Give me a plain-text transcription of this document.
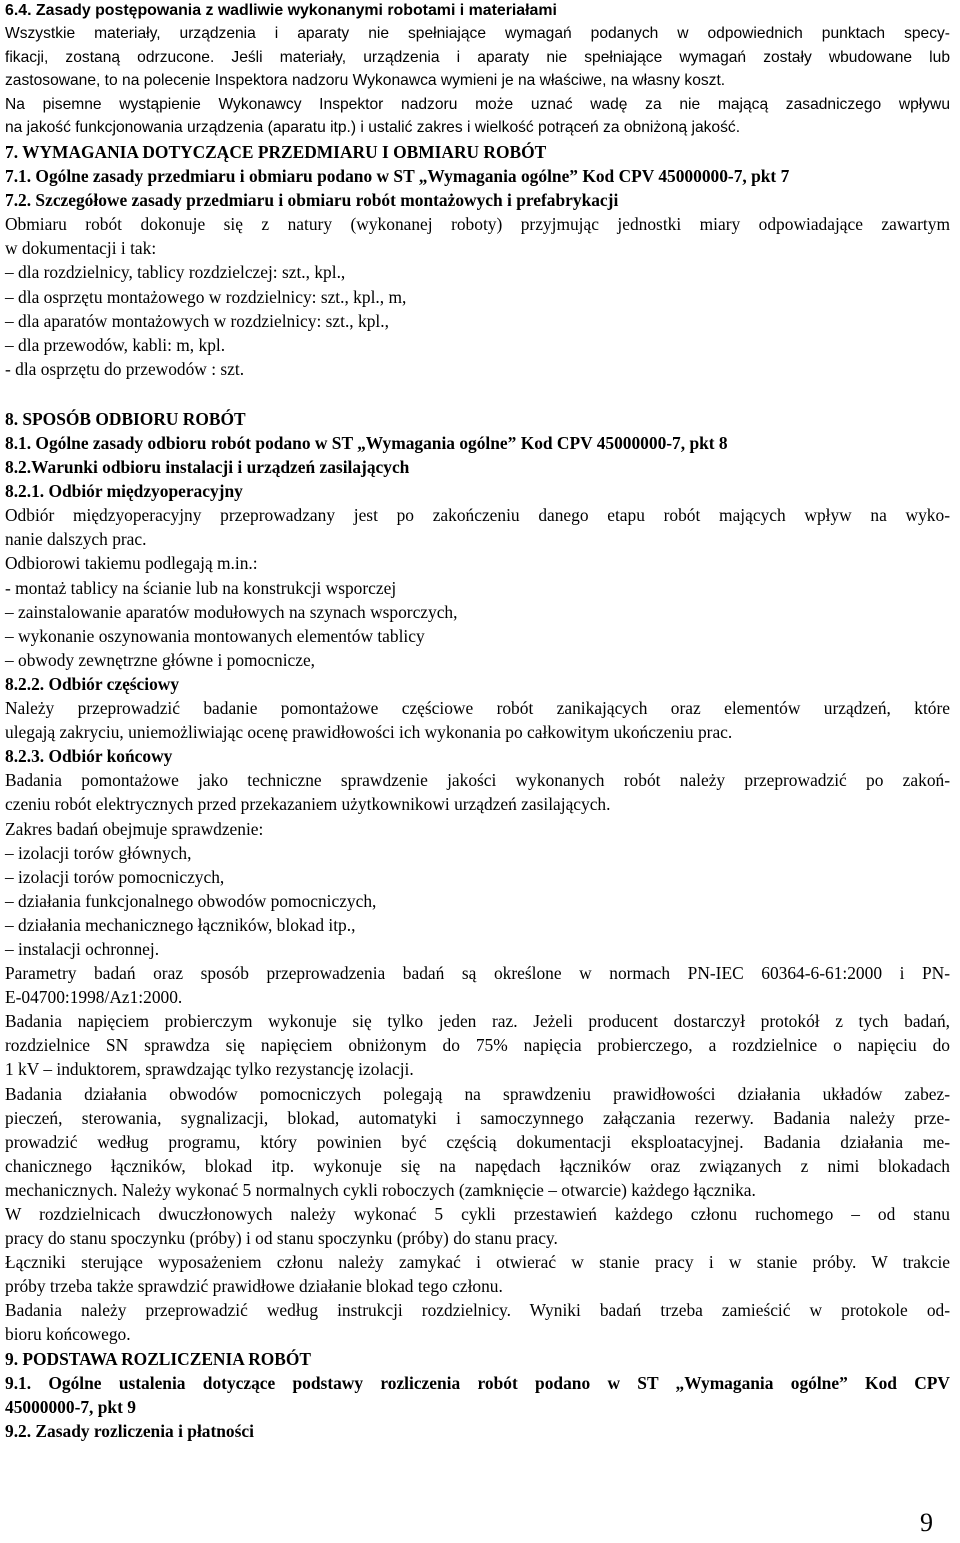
6.4. Zasady postępowania z wadliwie wykonanymi robotami i materiałami

Wszystkie materiały, urządzenia i aparaty nie spełniające wymagań podanych w odpowiednich punktach specy-

fikacji, zostaną odrzucone. Jeśli materiały, urządzenia i aparaty nie spełniające wymagań zostały wbudowane lub

zastosowane, to na polecenie Inspektora nadzoru Wykonawca wymieni je na właściwe, na własny koszt.

Na pisemne wystąpienie Wykonawcy Inspektor nadzoru może uznać wadę za nie mającą zasadniczego wpływu

na jakość funkcjonowania urządzenia (aparatu itp.) i ustalić zakres i wielkość potrąceń za obniżoną jakość.

7. WYMAGANIA DOTYCZĄCE PRZEDMIARU I OBMIARU ROBÓT

7.1. Ogólne zasady przedmiaru i obmiaru podano w ST „Wymagania ogólne” Kod CPV 45000000-7, pkt 7

7.2. Szczegółowe zasady przedmiaru i obmiaru robót montażowych i prefabrykacji

Obmiaru robót dokonuje się z natury (wykonanej roboty) przyjmując jednostki miary odpowiadające zawartym

w dokumentacji i tak:

– dla rozdzielnicy, tablicy rozdzielczej: szt., kpl.,

– dla osprzętu montażowego w rozdzielnicy: szt., kpl., m,

– dla aparatów montażowych w rozdzielnicy: szt., kpl.,

– dla przewodów, kabli: m, kpl.

- dla osprzętu do przewodów : szt.

8. SPOSÓB ODBIORU ROBÓT

8.1. Ogólne zasady odbioru robót podano w ST „Wymagania ogólne” Kod CPV 45000000-7, pkt 8

8.2.Warunki odbioru instalacji i urządzeń zasilających

8.2.1. Odbiór międzyoperacyjny

Odbiór międzyoperacyjny przeprowadzany jest po zakończeniu danego etapu robót mających wpływ na wyko-

nanie dalszych prac.

Odbiorowi takiemu podlegają m.in.:

- montaż tablicy na ścianie lub na konstrukcji wsporczej

– zainstalowanie aparatów modułowych na szynach wsporczych,

– wykonanie oszynowania montowanych elementów tablicy

– obwody zewnętrzne główne i pomocnicze,

8.2.2. Odbiór częściowy

Należy przeprowadzić badanie pomontażowe częściowe robót zanikających oraz elementów urządzeń, które

ulegają zakryciu, uniemożliwiając ocenę prawidłowości ich wykonania po całkowitym ukończeniu prac.

8.2.3. Odbiór końcowy

Badania pomontażowe jako techniczne sprawdzenie jakości wykonanych robót należy przeprowadzić po zakoń-

czeniu robót elektrycznych przed przekazaniem użytkownikowi urządzeń zasilających.

Zakres badań obejmuje sprawdzenie:

– izolacji torów głównych,

– izolacji torów pomocniczych,

– działania funkcjonalnego obwodów pomocniczych,

– działania mechanicznego łączników, blokad itp.,

– instalacji ochronnej.

Parametry badań oraz sposób przeprowadzenia badań są określone w normach PN-IEC 60364-6-61:2000 i PN-

E-04700:1998/Az1:2000.

Badania napięciem probierczym wykonuje się tylko jeden raz. Jeżeli producent dostarczył protokół z tych badań,

rozdzielnice SN sprawdza się napięciem obniżonym do 75% napięcia probierczego, a rozdzielnice o napięciu do

1 kV – induktorem, sprawdzając tylko rezystancję izolacji.

Badania działania obwodów pomocniczych polegają na sprawdzeniu prawidłowości działania układów zabez-

pieczeń, sterowania, sygnalizacji, blokad, automatyki i samoczynnego załączania rezerwy. Badania należy prze-

prowadzić według programu, który powinien być częścią dokumentacji eksploatacyjnej. Badania działania me-

chanicznego łączników, blokad itp. wykonuje się na napędach łączników oraz związanych z nimi blokadach

mechanicznych. Należy wykonać 5 normalnych cykli roboczych (zamknięcie – otwarcie) każdego łącznika.

W rozdzielnicach dwuczłonowych należy wykonać 5 cykli przestawień każdego członu ruchomego – od stanu

pracy do stanu spoczynku (próby) i od stanu spoczynku (próby) do stanu pracy.

Łączniki sterujące wyposażeniem członu należy zamykać i otwierać w stanie pracy i w stanie próby. W trakcie

próby trzeba także sprawdzić prawidłowe działanie blokad tego członu.

Badania należy przeprowadzić według instrukcji rozdzielnicy. Wyniki badań trzeba zamieścić w protokole od-

bioru końcowego.

9. PODSTAWA ROZLICZENIA ROBÓT

9.1. Ogólne ustalenia dotyczące podstawy rozliczenia robót podano w ST „Wymagania ogólne” Kod CPV

45000000-7, pkt 9

9.2. Zasady rozliczenia i płatności

9
